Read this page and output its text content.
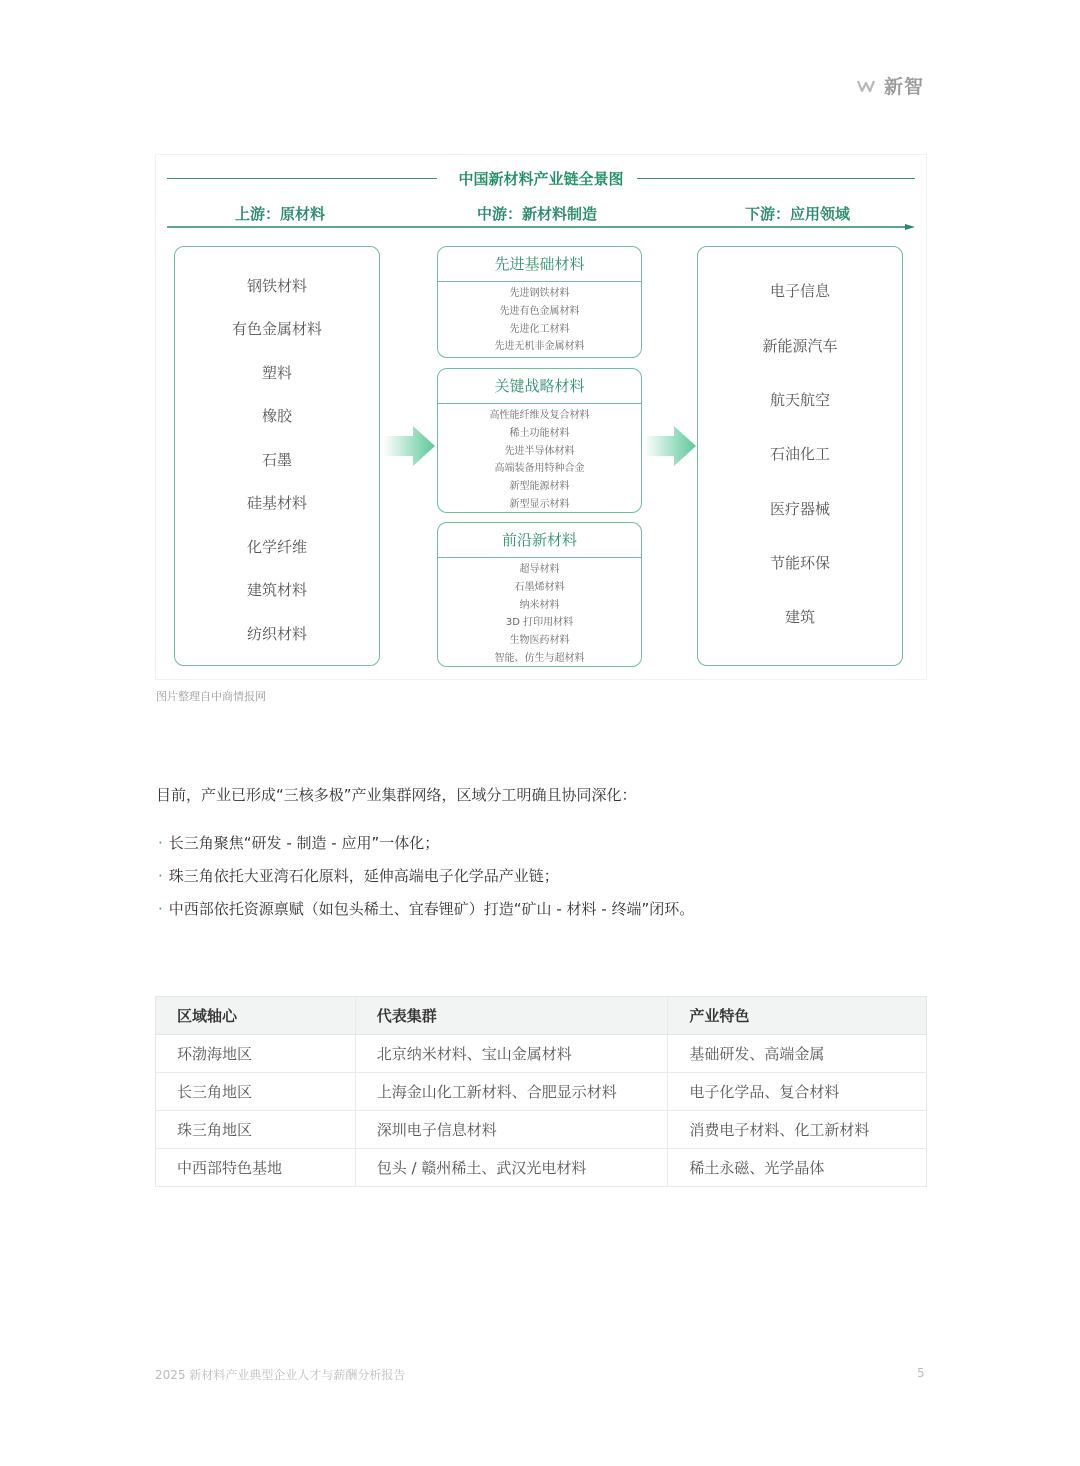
新智
中国新材料产业链全景图
上游：原材料	中游：新材料制造	下游：应用领域
钢铁材料
有色金属材料
塑料
橡胶
石墨
硅基材料
化学纤维
建筑材料
纺织材料
先进基础材料
先进钢铁材料
先进有色金属材料
先进化工材料
先进无机非金属材料
关键战略材料
高性能纤维及复合材料
稀土功能材料
先进半导体材料
高端装备用特种合金
新型能源材料
新型显示材料
前沿新材料
超导材料
石墨烯材料
纳米材料
3D 打印用材料
生物医药材料
智能、仿生与超材料
电子信息
新能源汽车
航天航空
石油化工
医疗器械
节能环保
建筑
图片整理自中商情报网
目前，产业已形成“三核多极”产业集群网络，区域分工明确且协同深化：
· 长三角聚焦“研发 - 制造 - 应用”一体化；
· 珠三角依托大亚湾石化原料，延伸高端电子化学品产业链；
· 中西部依托资源禀赋（如包头稀土、宜春锂矿）打造“矿山 - 材料 - 终端”闭环。
区域轴心	代表集群	产业特色
环渤海地区	北京纳米材料、宝山金属材料	基础研发、高端金属
长三角地区	上海金山化工新材料、合肥显示材料	电子化学品、复合材料
珠三角地区	深圳电子信息材料	消费电子材料、化工新材料
中西部特色基地	包头 / 赣州稀土、武汉光电材料	稀土永磁、光学晶体
2025 新材料产业典型企业人才与薪酬分析报告	5
